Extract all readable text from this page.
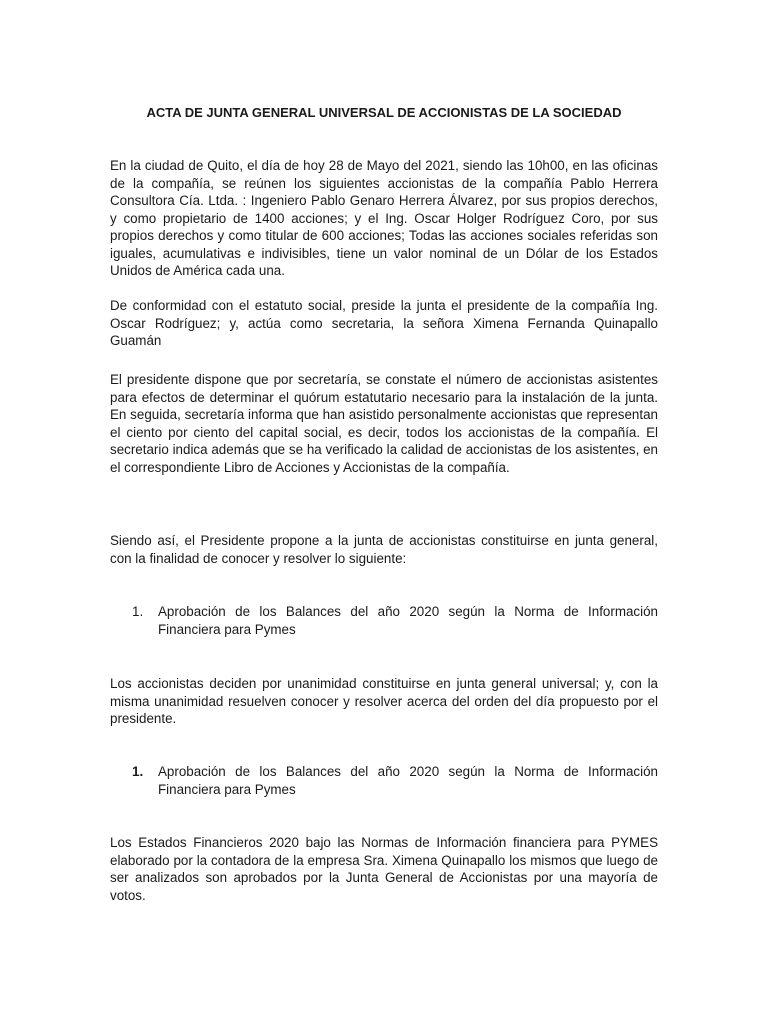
ACTA DE JUNTA GENERAL UNIVERSAL DE ACCIONISTAS DE LA SOCIEDAD
En la ciudad de Quito, el día de hoy 28 de Mayo del 2021, siendo las 10h00, en las oficinas de la compañía, se reúnen los siguientes accionistas de la compañía Pablo Herrera Consultora Cía. Ltda. : Ingeniero Pablo Genaro Herrera Álvarez, por sus propios derechos, y como propietario de 1400 acciones; y el Ing. Oscar Holger Rodríguez Coro, por sus propios derechos y como titular de 600 acciones; Todas las acciones sociales referidas son iguales, acumulativas e indivisibles, tiene un valor nominal de un Dólar de los Estados Unidos de América cada una.
De conformidad con el estatuto social, preside la junta el presidente de la compañía Ing. Oscar Rodríguez; y, actúa como secretaria, la señora Ximena Fernanda Quinapallo Guamán
El presidente dispone que por secretaría, se constate el número de accionistas asistentes para efectos de determinar el quórum estatutario necesario para la instalación de la junta. En seguida, secretaría informa que han asistido personalmente accionistas que representan el ciento por ciento del capital social, es decir, todos los accionistas de la compañía. El secretario indica además que se ha verificado la calidad de accionistas de los asistentes, en el correspondiente Libro de Acciones y Accionistas de la compañía.
Siendo así, el Presidente propone a la junta de accionistas constituirse en junta general, con la finalidad de conocer y resolver lo siguiente:
1.	Aprobación de los Balances del año 2020 según la Norma de Información Financiera para Pymes
Los accionistas deciden por unanimidad constituirse en junta general universal; y, con la misma unanimidad resuelven conocer y resolver acerca del orden del día propuesto por el presidente.
1.	Aprobación de los Balances del año 2020 según la Norma de Información Financiera para Pymes
Los Estados Financieros 2020 bajo las Normas de Información financiera para PYMES elaborado por la contadora de la empresa Sra. Ximena Quinapallo los mismos que luego de ser analizados son aprobados por la Junta General de Accionistas por una mayoría de votos.
